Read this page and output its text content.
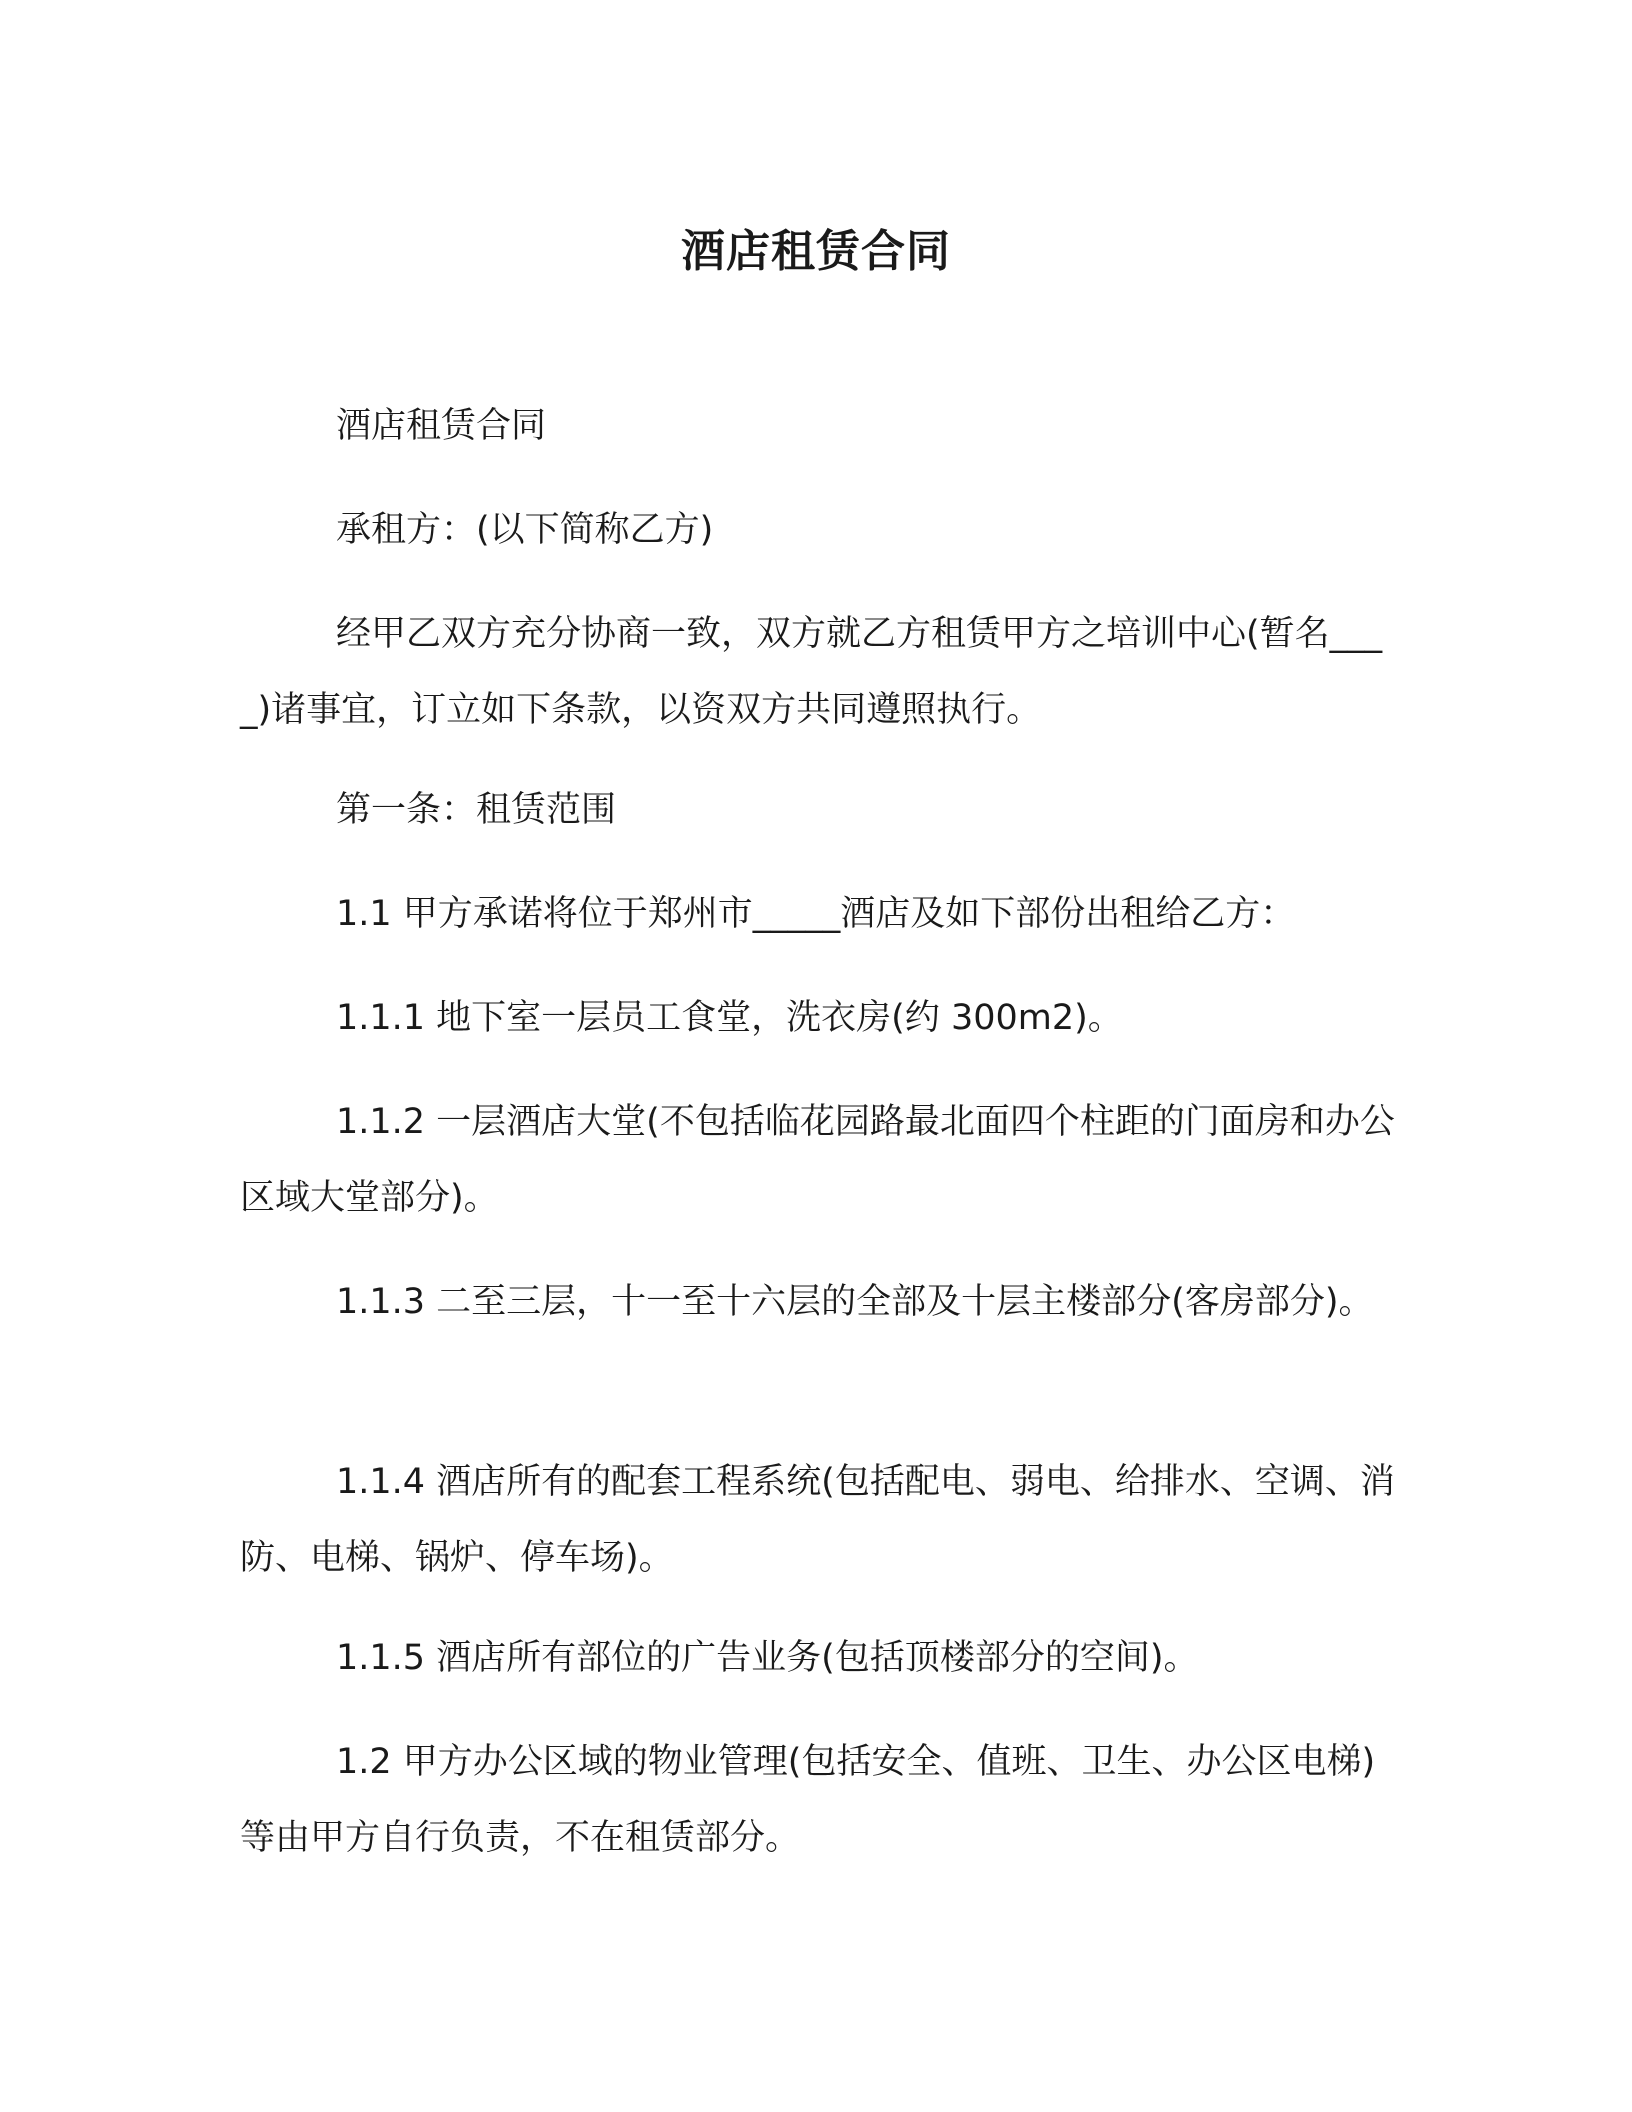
酒店租赁合同

酒店租赁合同

承租方：(以下简称乙方)

经甲乙双方充分协商一致，双方就乙方租赁甲方之培训中心(暂名____)诸事宜，订立如下条款，以资双方共同遵照执行。

第一条：租赁范围

1.1 甲方承诺将位于郑州市_____酒店及如下部份出租给乙方：

1.1.1 地下室一层员工食堂，洗衣房(约 300m2)。

1.1.2 一层酒店大堂(不包括临花园路最北面四个柱距的门面房和办公区域大堂部分)。

1.1.3 二至三层，十一至十六层的全部及十层主楼部分(客房部分)。

1.1.4 酒店所有的配套工程系统(包括配电、弱电、给排水、空调、消防、电梯、锅炉、停车场)。

1.1.5 酒店所有部位的广告业务(包括顶楼部分的空间)。

1.2 甲方办公区域的物业管理(包括安全、值班、卫生、办公区电梯)等由甲方自行负责，不在租赁部分。
